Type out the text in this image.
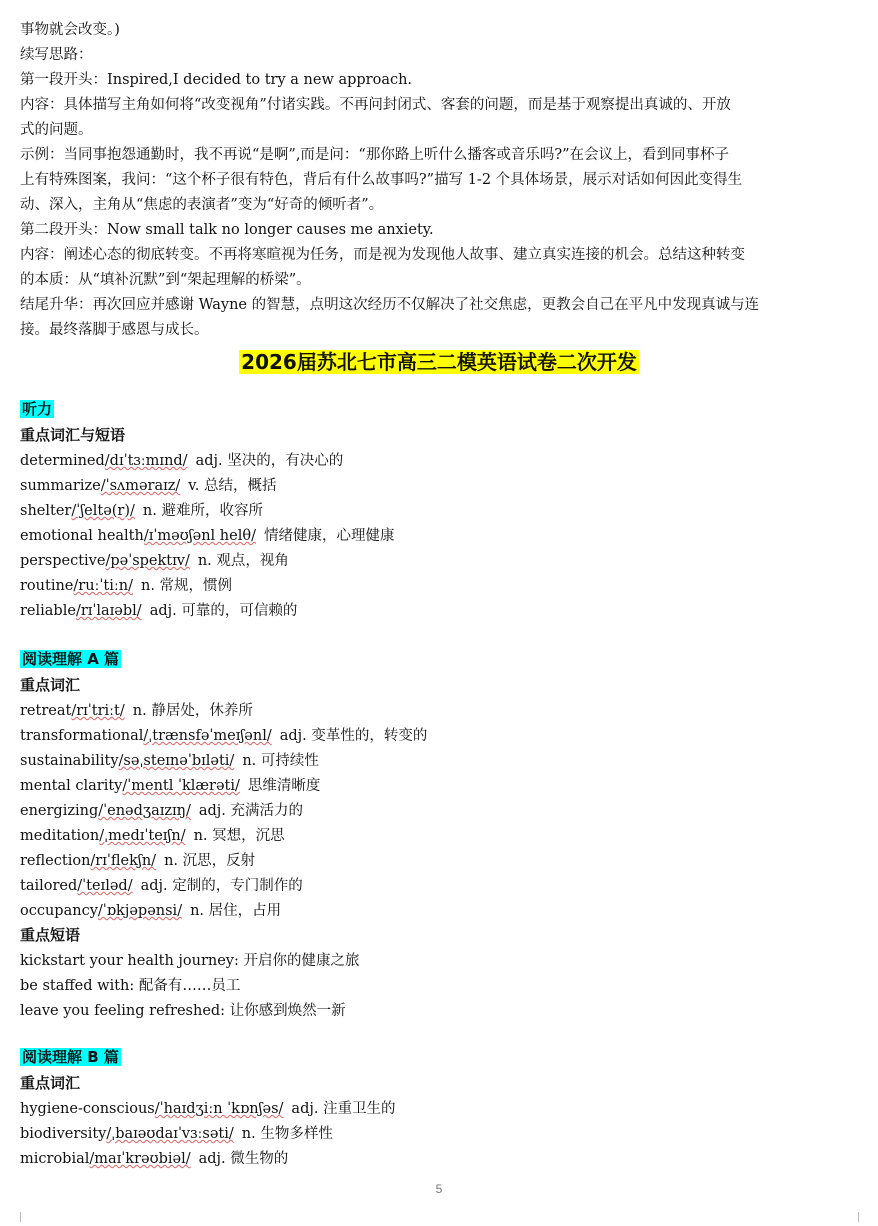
事物就会改变。)
续写思路：
第一段开头：Inspired,I decided to try a new approach.
内容：具体描写主角如何将“改变视角”付诸实践。不再问封闭式、客套的问题，而是基于观察提出真诚的、开放
式的问题。
示例：当同事抱怨通勤时，我不再说“是啊”,而是问：“那你路上听什么播客或音乐吗?”在会议上，看到同事杯子
上有特殊图案，我问：“这个杯子很有特色，背后有什么故事吗?”描写 1-2 个具体场景，展示对话如何因此变得生
动、深入，主角从“焦虑的表演者”变为“好奇的倾听者”。
第二段开头：Now small talk no longer causes me anxiety.
内容：阐述心态的彻底转变。不再将寒暄视为任务，而是视为发现他人故事、建立真实连接的机会。总结这种转变
的本质：从“填补沉默”到“架起理解的桥梁”。
结尾升华：再次回应并感谢 Wayne 的智慧，点明这次经历不仅解决了社交焦虑，更教会自己在平凡中发现真诚与连
接。最终落脚于感恩与成长。
2026届苏北七市高三二模英语试卷二次开发
听力
重点词汇与短语
determined/dɪˈtɜːmɪnd/ adj. 坚决的，有决心的
summarize/ˈsʌməraɪz/ v. 总结，概括
shelter/ˈʃeltə(r)/ n. 避难所，收容所
emotional health/ɪˈməʊʃənl helθ/ 情绪健康，心理健康
perspective/pəˈspektɪv/ n. 观点，视角
routine/ruːˈtiːn/ n. 常规，惯例
reliable/rɪˈlaɪəbl/ adj. 可靠的，可信赖的
阅读理解 A 篇
重点词汇
retreat/rɪˈtriːt/ n. 静居处，休养所
transformational/ˌtrænsfəˈmeɪʃənl/ adj. 变革性的，转变的
sustainability/səˌsteɪnəˈbɪləti/ n. 可持续性
mental clarity/ˈmentl ˈklærəti/ 思维清晰度
energizing/ˈenədʒaɪzɪŋ/ adj. 充满活力的
meditation/ˌmedɪˈteɪʃn/ n. 冥想，沉思
reflection/rɪˈflekʃn/ n. 沉思，反射
tailored/ˈteɪləd/ adj. 定制的，专门制作的
occupancy/ˈɒkjəpənsi/ n. 居住，占用
重点短语
kickstart your health journey: 开启你的健康之旅
be staffed with: 配备有……员工
leave you feeling refreshed: 让你感到焕然一新
阅读理解 B 篇
重点词汇
hygiene-conscious/ˈhaɪdʒiːn ˈkɒnʃəs/ adj. 注重卫生的
biodiversity/ˌbaɪəʊdaɪˈvɜːsəti/ n. 生物多样性
microbial/maɪˈkrəʊbiəl/ adj. 微生物的
5
